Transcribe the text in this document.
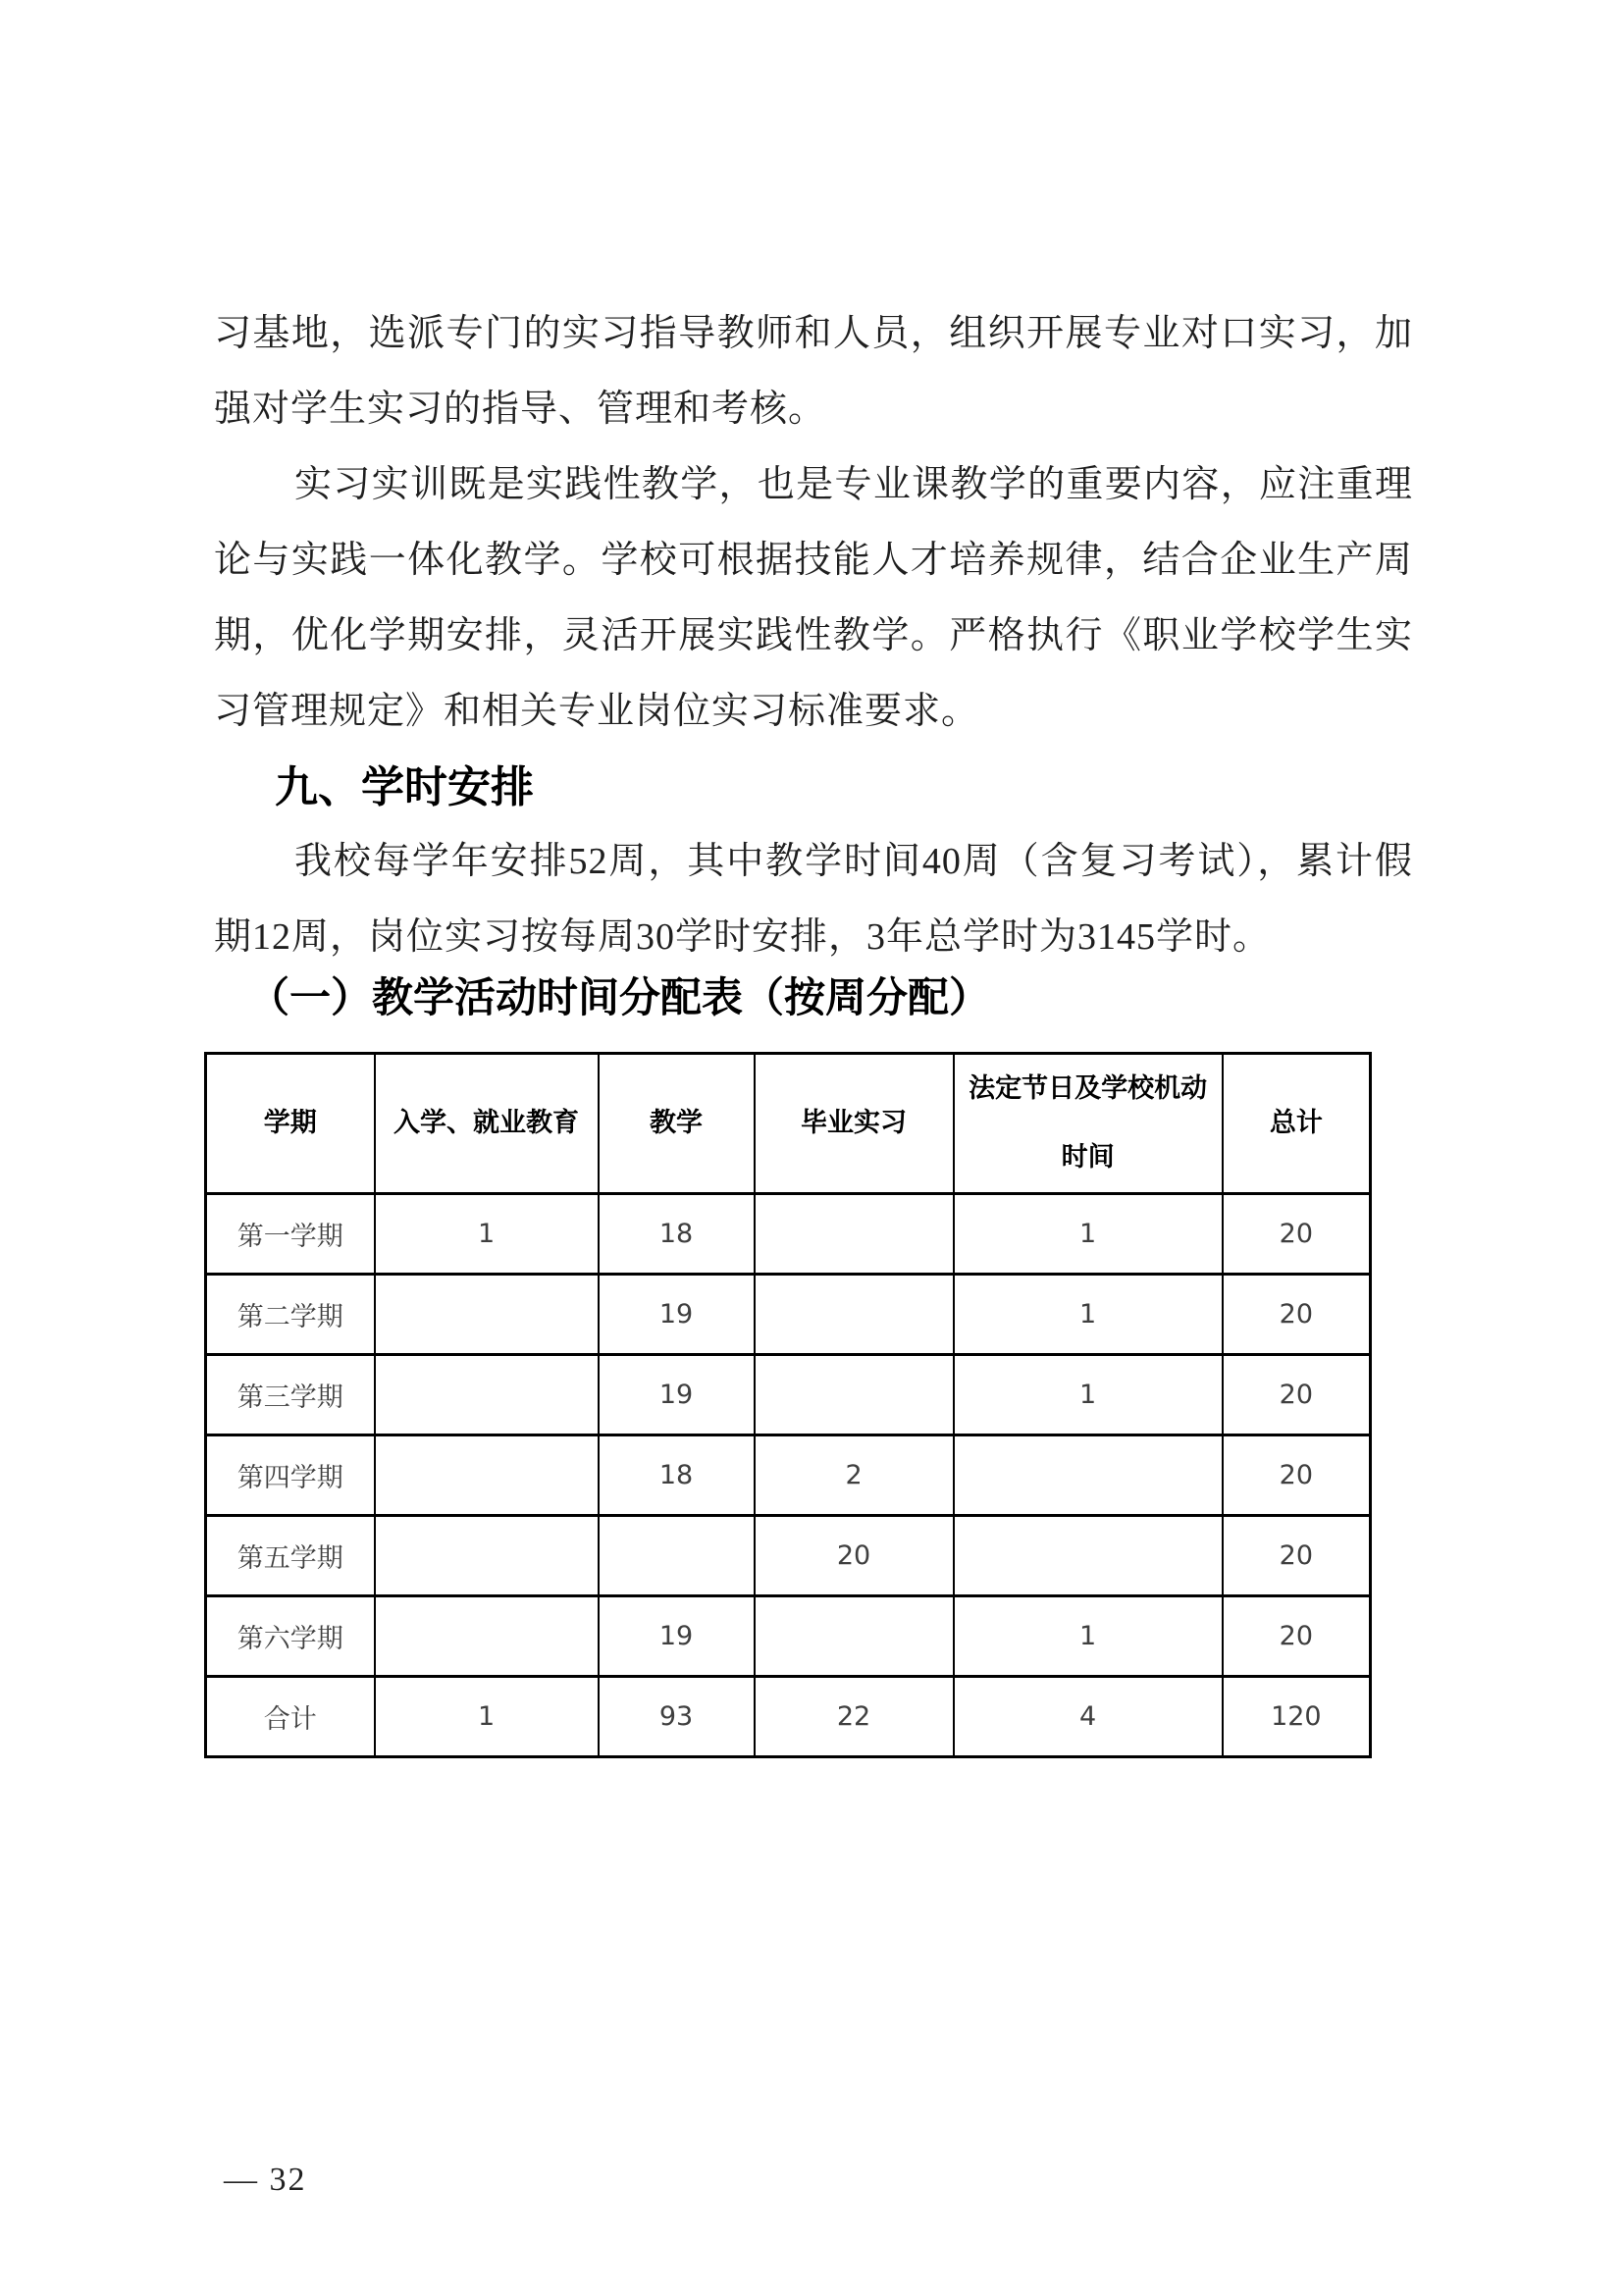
习基地，选派专门的实习指导教师和人员，组织开展专业对口实习，加强对学生实习的指导、管理和考核。
实习实训既是实践性教学，也是专业课教学的重要内容，应注重理论与实践一体化教学。学校可根据技能人才培养规律，结合企业生产周期，优化学期安排，灵活开展实践性教学。严格执行《职业学校学生实习管理规定》和相关专业岗位实习标准要求。
九、学时安排
我校每学年安排52周，其中教学时间40周（含复习考试），累计假期12周，岗位实习按每周30学时安排，3年总学时为3145学时。
（一）教学活动时间分配表（按周分配）
学期	入学、就业教育	教学	毕业实习	法定节日及学校机动时间	总计
第一学期	1	18		1	20
第二学期		19		1	20
第三学期		19		1	20
第四学期		18	2		20
第五学期			20		20
第六学期		19		1	20
合计	1	93	22	4	120
— 32
